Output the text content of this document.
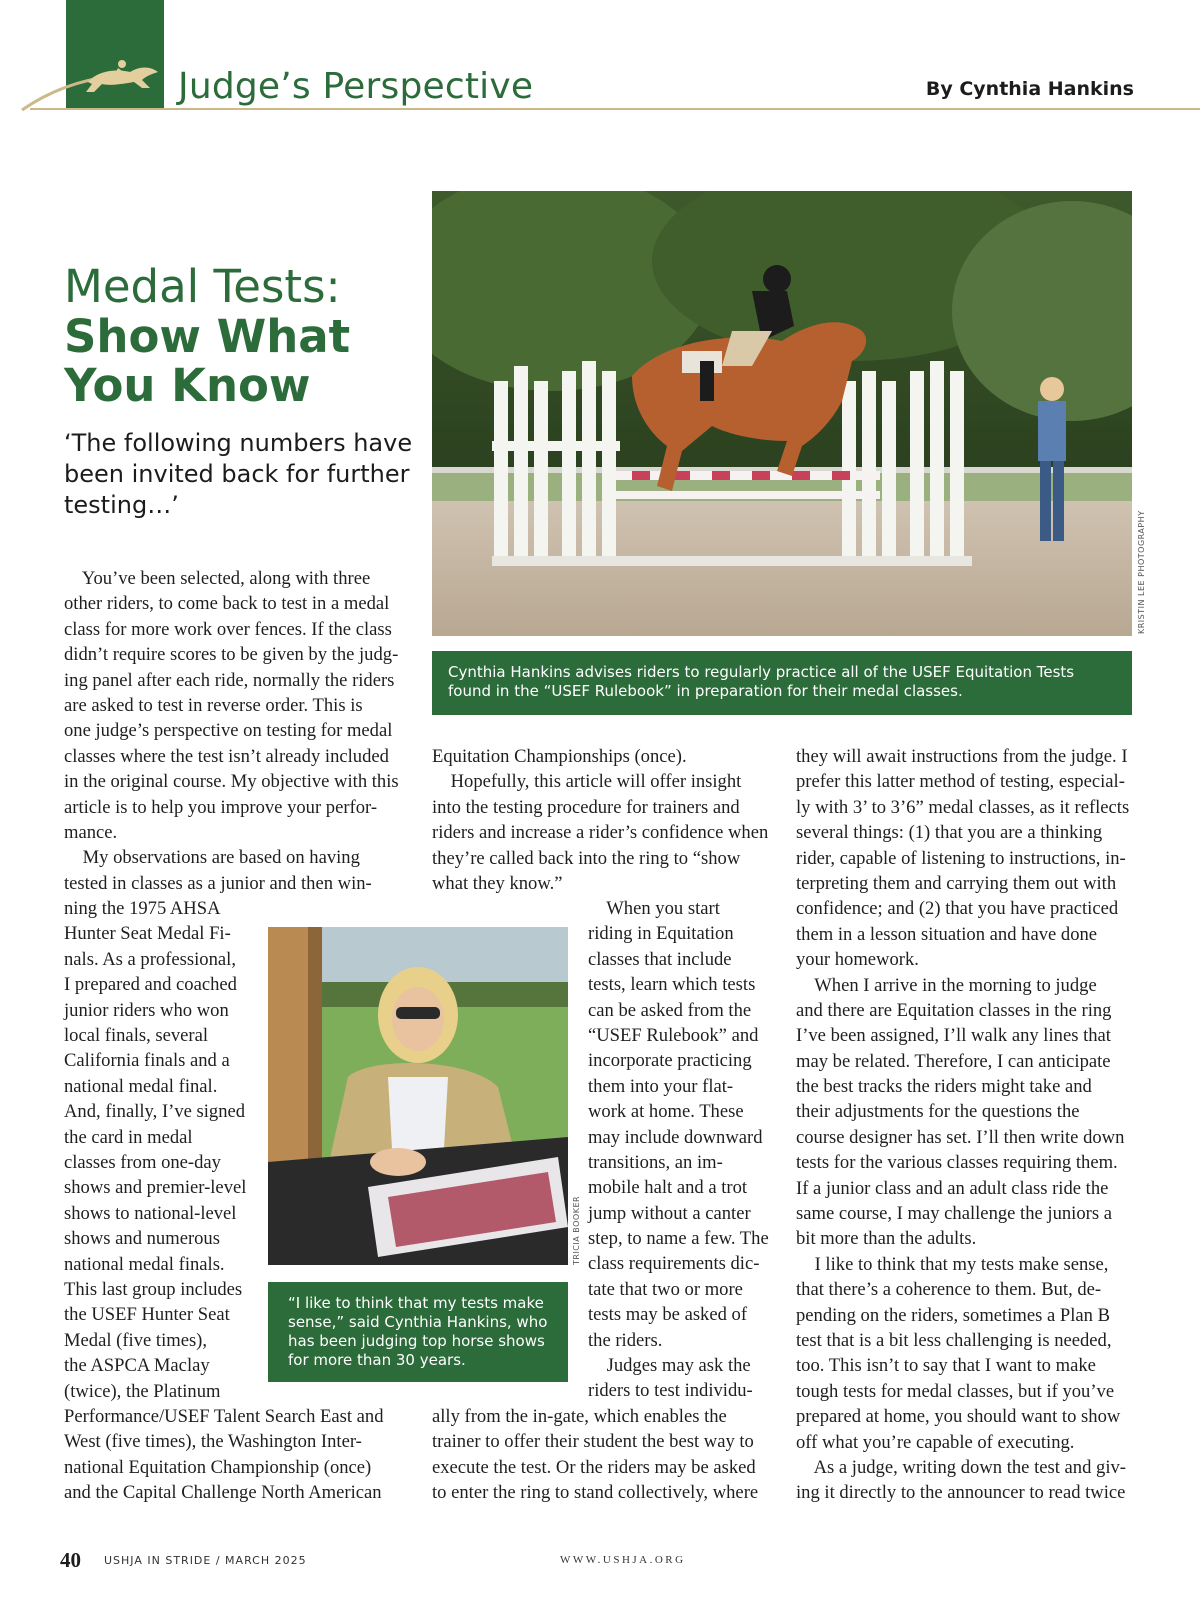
Judge’s Perspective	By Cynthia Hankins
Medal Tests:
Show What
You Know
‘The following numbers have been invited back for further testing…’
KRISTIN LEE PHOTOGRAPHY
Cynthia Hankins advises riders to regularly practice all of the USEF Equitation Tests found in the “USEF Rulebook” in preparation for their medal classes.
TRICIA BOOKER
“I like to think that my tests make sense,” said Cynthia Hankins, who has been judging top horse shows for more than 30 years.
You’ve been selected, along with three
other riders, to come back to test in a medal
class for more work over fences. If the class
didn’t require scores to be given by the judg-
ing panel after each ride, normally the riders
are asked to test in reverse order. This is
one judge’s perspective on testing for medal
classes where the test isn’t already included
in the original course. My objective with this
article is to help you improve your perfor-
mance.
My observations are based on having
tested in classes as a junior and then win-
ning the 1975 AHSA
Hunter Seat Medal Fi-
nals. As a professional,
I prepared and coached
junior riders who won
local finals, several
California finals and a
national medal final.
And, finally, I’ve signed
the card in medal
classes from one-day
shows and premier-level
shows to national-level
shows and numerous
national medal finals.
This last group includes
the USEF Hunter Seat
Medal (five times),
the ASPCA Maclay
(twice), the Platinum
Performance/USEF Talent Search East and
West (five times), the Washington Inter-
national Equitation Championship (once)
and the Capital Challenge North American
Equitation Championships (once).
Hopefully, this article will offer insight
into the testing procedure for trainers and
riders and increase a rider’s confidence when
they’re called back into the ring to “show
what they know.”
When you start
riding in Equitation
classes that include
tests, learn which tests
can be asked from the
“USEF Rulebook” and
incorporate practicing
them into your flat-
work at home. These
may include downward
transitions, an im-
mobile halt and a trot
jump without a canter
step, to name a few. The
class requirements dic-
tate that two or more
tests may be asked of
the riders.
Judges may ask the
riders to test individu-
ally from the in-gate, which enables the
trainer to offer their student the best way to
execute the test. Or the riders may be asked
to enter the ring to stand collectively, where
they will await instructions from the judge. I
prefer this latter method of testing, especial-
ly with 3’ to 3’6” medal classes, as it reflects
several things: (1) that you are a thinking
rider, capable of listening to instructions, in-
terpreting them and carrying them out with
confidence; and (2) that you have practiced
them in a lesson situation and have done
your homework.
When I arrive in the morning to judge
and there are Equitation classes in the ring
I’ve been assigned, I’ll walk any lines that
may be related. Therefore, I can anticipate
the best tracks the riders might take and
their adjustments for the questions the
course designer has set. I’ll then write down
tests for the various classes requiring them.
If a junior class and an adult class ride the
same course, I may challenge the juniors a
bit more than the adults.
I like to think that my tests make sense,
that there’s a coherence to them. But, de-
pending on the riders, sometimes a Plan B
test that is a bit less challenging is needed,
too. This isn’t to say that I want to make
tough tests for medal classes, but if you’ve
prepared at home, you should want to show
off what you’re capable of executing.
As a judge, writing down the test and giv-
ing it directly to the announcer to read twice
40 USHJA IN STRIDE / MARCH 2025	WWW.USHJA.ORG
